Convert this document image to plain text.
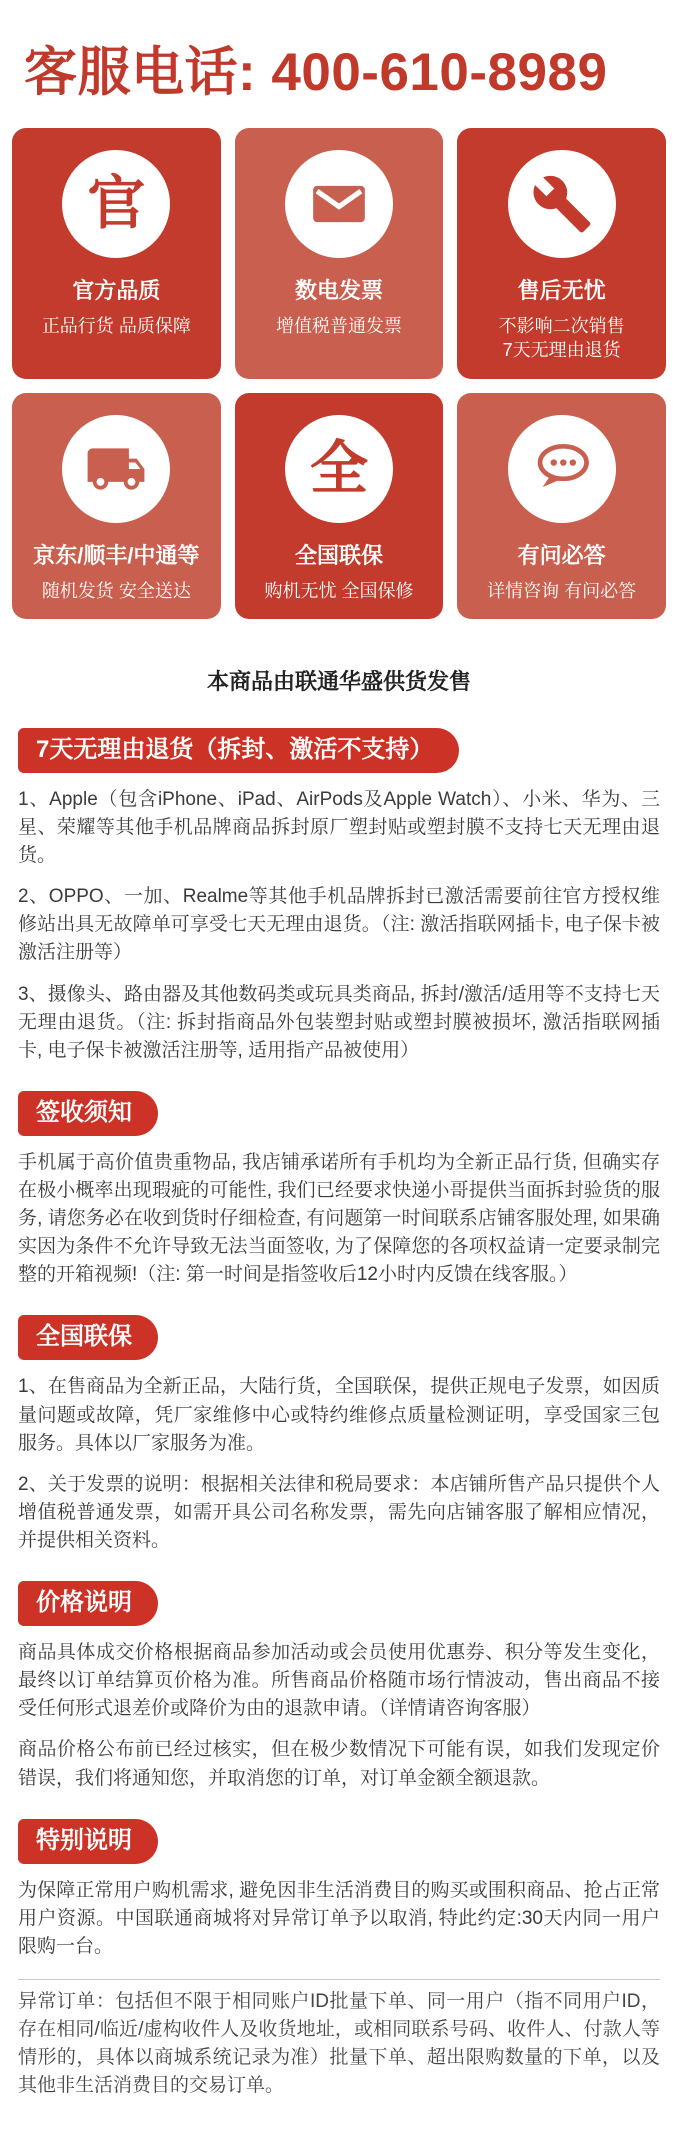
客服电话: 400-610-8989
官
官方品质
正品行货 品质保障
数电发票
增值税普通发票
售后无忧
不影响二次销售
7天无理由退货
京东/顺丰/中通等
随机发货 安全送达
全
全国联保
购机无忧 全国保修
有问必答
详情咨询 有问必答
本商品由联通华盛供货发售
7天无理由退货（拆封、激活不支持）

1、Apple（包含iPhone、iPad、AirPods及Apple Watch）、小米、华为、三星、荣耀等其他手机品牌商品拆封原厂塑封贴或塑封膜不支持七天无理由退货。

2、OPPO、一加、Realme等其他手机品牌拆封已激活需要前往官方授权维修站出具无故障单可享受七天无理由退货。（注: 激活指联网插卡, 电子保卡被激活注册等）

3、摄像头、路由器及其他数码类或玩具类商品, 拆封/激活/适用等不支持七天无理由退货。（注: 拆封指商品外包装塑封贴或塑封膜被损坏, 激活指联网插卡, 电子保卡被激活注册等, 适用指产品被使用）

签收须知

手机属于高价值贵重物品, 我店铺承诺所有手机均为全新正品行货, 但确实存在极小概率出现瑕疵的可能性, 我们已经要求快递小哥提供当面拆封验货的服务, 请您务必在收到货时仔细检查, 有问题第一时间联系店铺客服处理, 如果确实因为条件不允许导致无法当面签收, 为了保障您的各项权益请一定要录制完整的开箱视频!（注: 第一时间是指签收后12小时内反馈在线客服。）

全国联保

1、在售商品为全新正品，大陆行货，全国联保，提供正规电子发票，如因质量问题或故障，凭厂家维修中心或特约维修点质量检测证明，享受国家三包服务。具体以厂家服务为准。

2、关于发票的说明：根据相关法律和税局要求：本店铺所售产品只提供个人增值税普通发票，如需开具公司名称发票，需先向店铺客服了解相应情况，并提供相关资料。

价格说明

商品具体成交价格根据商品参加活动或会员使用优惠券、积分等发生变化，最终以订单结算页价格为准。所售商品价格随市场行情波动，售出商品不接受任何形式退差价或降价为由的退款申请。（详情请咨询客服）

商品价格公布前已经过核实，但在极少数情况下可能有误，如我们发现定价错误，我们将通知您，并取消您的订单，对订单金额全额退款。

特别说明

为保障正常用户购机需求, 避免因非生活消费目的购买或围积商品、抢占正常用户资源。中国联通商城将对异常订单予以取消, 特此约定:30天内同一用户限购一台。

异常订单：包括但不限于相同账户ID批量下单、同一用户（指不同用户ID，存在相同/临近/虚构收件人及收货地址，或相同联系号码、收件人、付款人等情形的，具体以商城系统记录为准）批量下单、超出限购数量的下单，以及其他非生活消费目的交易订单。
